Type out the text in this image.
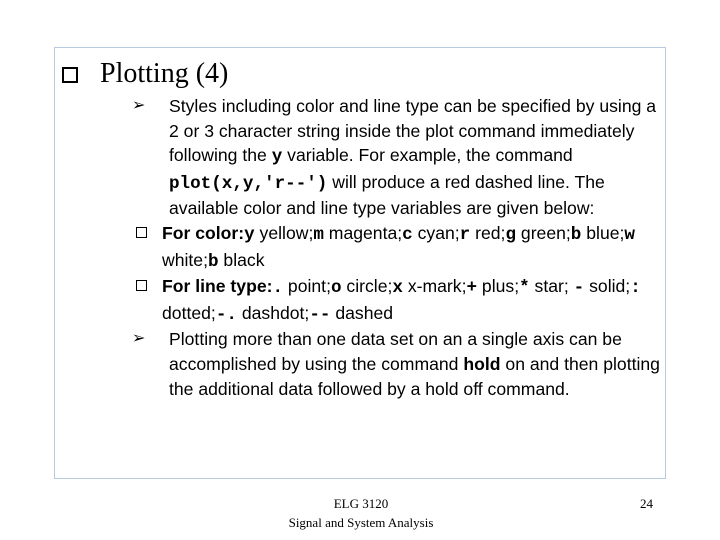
Plotting (4)
➢ Styles including color and line type can be specified by using a 2 or 3 character string inside the plot command immediately following the y variable. For example, the command plot(x,y,'r--') will produce a red dashed line. The available color and line type variables are given below:
For color:y yellow;m magenta;c cyan;r red;g green;b blue;w white;b black
For line type:. point;o circle;x x-mark;+ plus;* star; - solid;: dotted;-. dashdot;-- dashed
➢ Plotting more than one data set on an a single axis can be accomplished by using the command hold on and then plotting the additional data followed by a hold off command.
ELG 3120
Signal and System Analysis
24
